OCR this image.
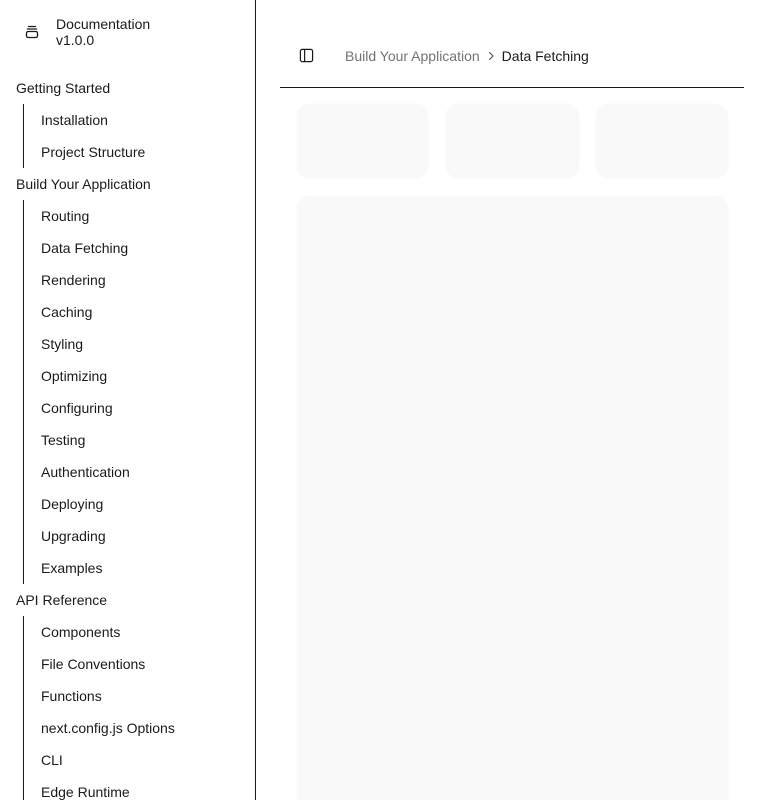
Documentation
v1.0.0
Getting Started
Installation
Project Structure
Build Your Application
Routing
Data Fetching
Rendering
Caching
Styling
Optimizing
Configuring
Testing
Authentication
Deploying
Upgrading
Examples
API Reference
Components
File Conventions
Functions
next.config.js Options
CLI
Edge Runtime
Build Your Application Data Fetching
